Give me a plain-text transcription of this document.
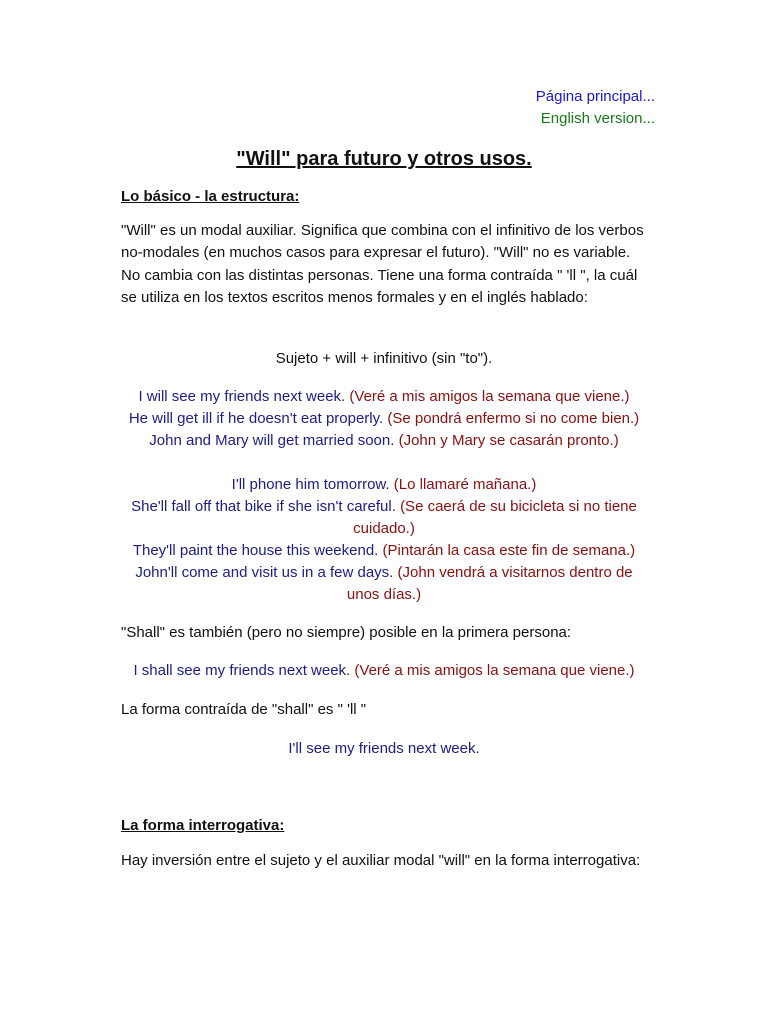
Página principal...
English version...
"Will" para futuro y otros usos.
Lo básico - la estructura:

"Will" es un modal auxiliar. Significa que combina con el infinitivo de los verbos no-modales (en muchos casos para expresar el futuro). "Will" no es variable. No cambia con las distintas personas. Tiene una forma contraída " 'll ", la cuál se utiliza en los textos escritos menos formales y en el inglés hablado:

Sujeto + will + infinitivo (sin "to").

I will see my friends next week. (Veré a mis amigos la semana que viene.)
He will get ill if he doesn't eat properly. (Se pondrá enfermo si no come bien.)
John and Mary will get married soon. (John y Mary se casarán pronto.)
I'll phone him tomorrow. (Lo llamaré mañana.)
She'll fall off that bike if she isn't careful. (Se caerá de su bicicleta si no tiene cuidado.)
They'll paint the house this weekend. (Pintarán la casa este fin de semana.)
John'll come and visit us in a few days. (John vendrá a visitarnos dentro de unos días.)

"Shall" es también (pero no siempre) posible en la primera persona:

I shall see my friends next week. (Veré a mis amigos la semana que viene.)

La forma contraída de "shall" es " 'll "

I'll see my friends next week.
La forma interrogativa:

Hay inversión entre el sujeto y el auxiliar modal "will" en la forma interrogativa:
